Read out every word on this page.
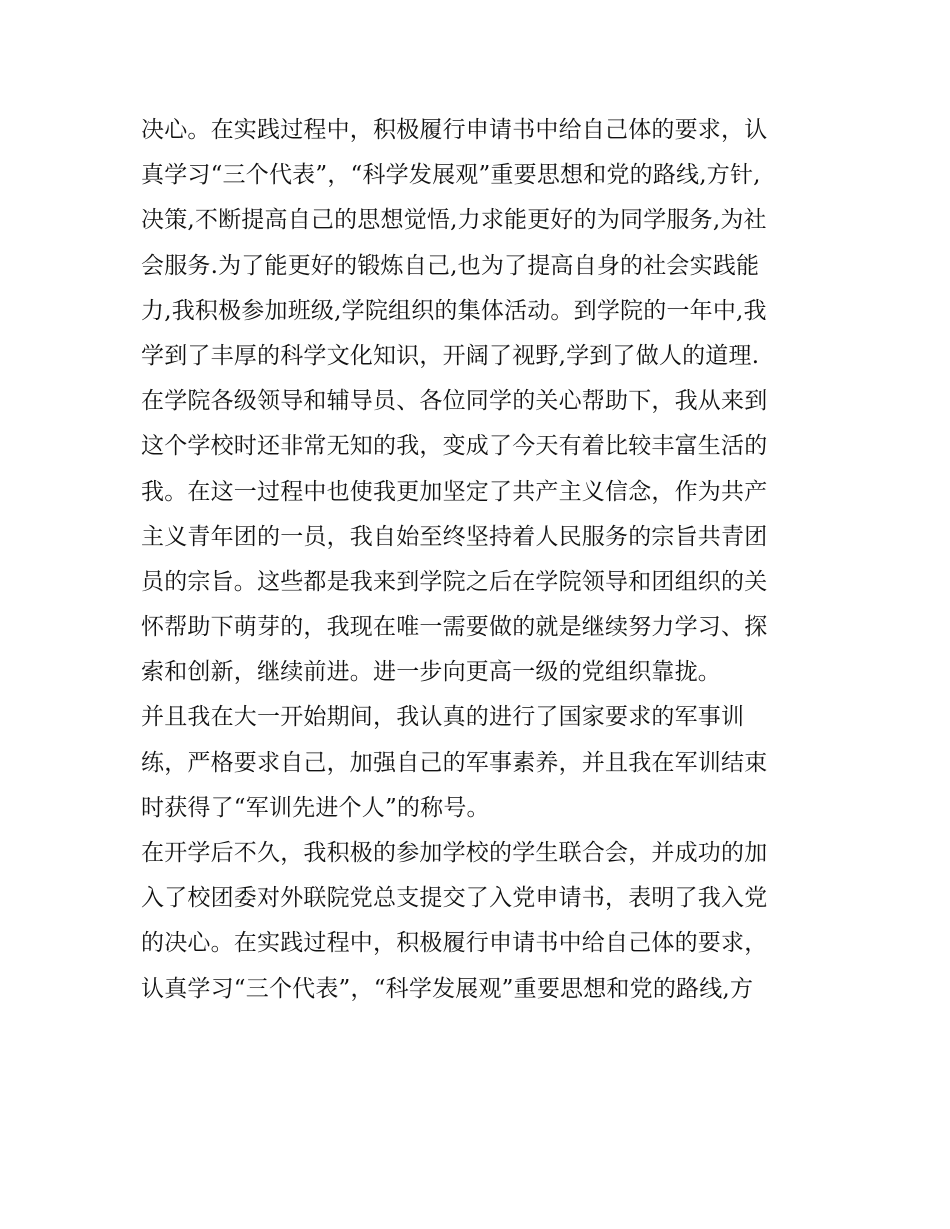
决心。在实践过程中，积极履行申请书中给自己体的要求，认
真学习“三个代表”，“科学发展观”重要思想和党的路线,方针,
决策,不断提高自己的思想觉悟,力求能更好的为同学服务,为社
会服务.为了能更好的锻炼自己,也为了提高自身的社会实践能
力,我积极参加班级,学院组织的集体活动。到学院的一年中,我
学到了丰厚的科学文化知识，开阔了视野,学到了做人的道理.
在学院各级领导和辅导员、各位同学的关心帮助下，我从来到
这个学校时还非常无知的我，变成了今天有着比较丰富生活的
我。在这一过程中也使我更加坚定了共产主义信念，作为共产
主义青年团的一员，我自始至终坚持着人民服务的宗旨共青团
员的宗旨。这些都是我来到学院之后在学院领导和团组织的关
怀帮助下萌芽的，我现在唯一需要做的就是继续努力学习、探
索和创新，继续前进。进一步向更高一级的党组织靠拢。
并且我在大一开始期间，我认真的进行了国家要求的军事训
练，严格要求自己，加强自己的军事素养，并且我在军训结束
时获得了“军训先进个人”的称号。
在开学后不久，我积极的参加学校的学生联合会，并成功的加
入了校团委对外联院党总支提交了入党申请书，表明了我入党
的决心。在实践过程中，积极履行申请书中给自己体的要求，
认真学习“三个代表”，“科学发展观”重要思想和党的路线,方
